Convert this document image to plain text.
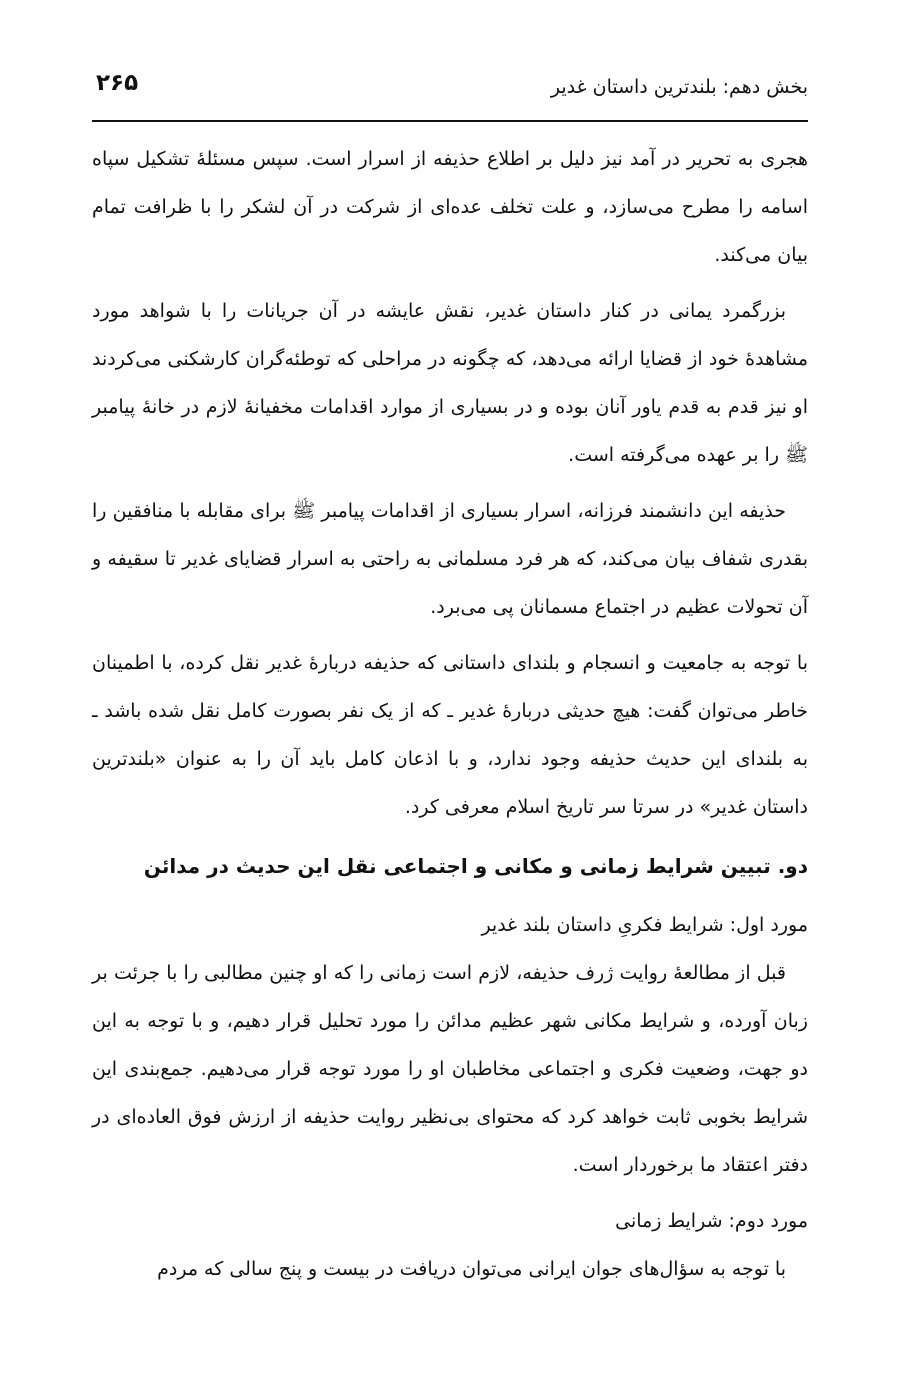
بخش دهم: بلندترین داستان غدیر
۲۶۵

هجری به تحریر در آمد نیز دلیل بر اطلاع حذیفه از اسرار است. سپس مسئلهٔ تشکیل سپاه اسامه را مطرح می‌سازد، و علت تخلف عده‌ای از شرکت در آن لشکر را با ظرافت تمام بیان می‌کند.

بزرگمرد یمانی در کنار داستان غدیر، نقش عایشه در آن جریانات را با شواهد مورد مشاهدهٔ خود از قضایا ارائه می‌دهد، که چگونه در مراحلی که توطئه‌گران کارشکنی می‌کردند او نیز قدم به قدم یاور آنان بوده و در بسیاری از موارد اقدامات مخفیانهٔ لازم در خانهٔ پیامبر ﷺ را بر عهده می‌گرفته است.

حذیفه این دانشمند فرزانه، اسرار بسیاری از اقدامات پیامبر ﷺ برای مقابله با منافقین را بقدری شفاف بیان می‌کند، که هر فرد مسلمانی به راحتی به اسرار قضایای غدیر تا سقیفه و آن تحولات عظیم در اجتماع مسمانان پی می‌برد.

با توجه به جامعیت و انسجام و بلندای داستانی که حذیفه دربارهٔ غدیر نقل کرده، با اطمینان خاطر می‌توان گفت: هیچ حدیثی دربارهٔ غدیر ـ که از یک نفر بصورت کامل نقل شده باشد ـ به بلندای این حدیث حذیفه وجود ندارد، و با اذعان کامل باید آن را به عنوان «بلندترین داستان غدیر» در سرتا سر تاریخ اسلام معرفی کرد.

دو. تبیین شرایط زمانی و مکانی و اجتماعی نقل این حدیث در مدائن

مورد اول: شرایط فکریِ داستان بلند غدیر

قبل از مطالعهٔ روایت ژرف حذیفه، لازم است زمانی را که او چنین مطالبی را با جرئت بر زبان آورده، و شرایط مکانی شهر عظیم مدائن را مورد تحلیل قرار دهیم، و با توجه به این دو جهت، وضعیت فکری و اجتماعی مخاطبان او را مورد توجه قرار می‌دهیم. جمع‌بندی این شرایط بخوبی ثابت خواهد کرد که محتوای بی‌نظیر روایت حذیفه از ارزش فوق العاده‌ای در دفتر اعتقاد ما برخوردار است.

مورد دوم: شرایط زمانی

با توجه به سؤال‌های جوان ایرانی می‌توان دریافت در بیست و پنج سالی که مردم
